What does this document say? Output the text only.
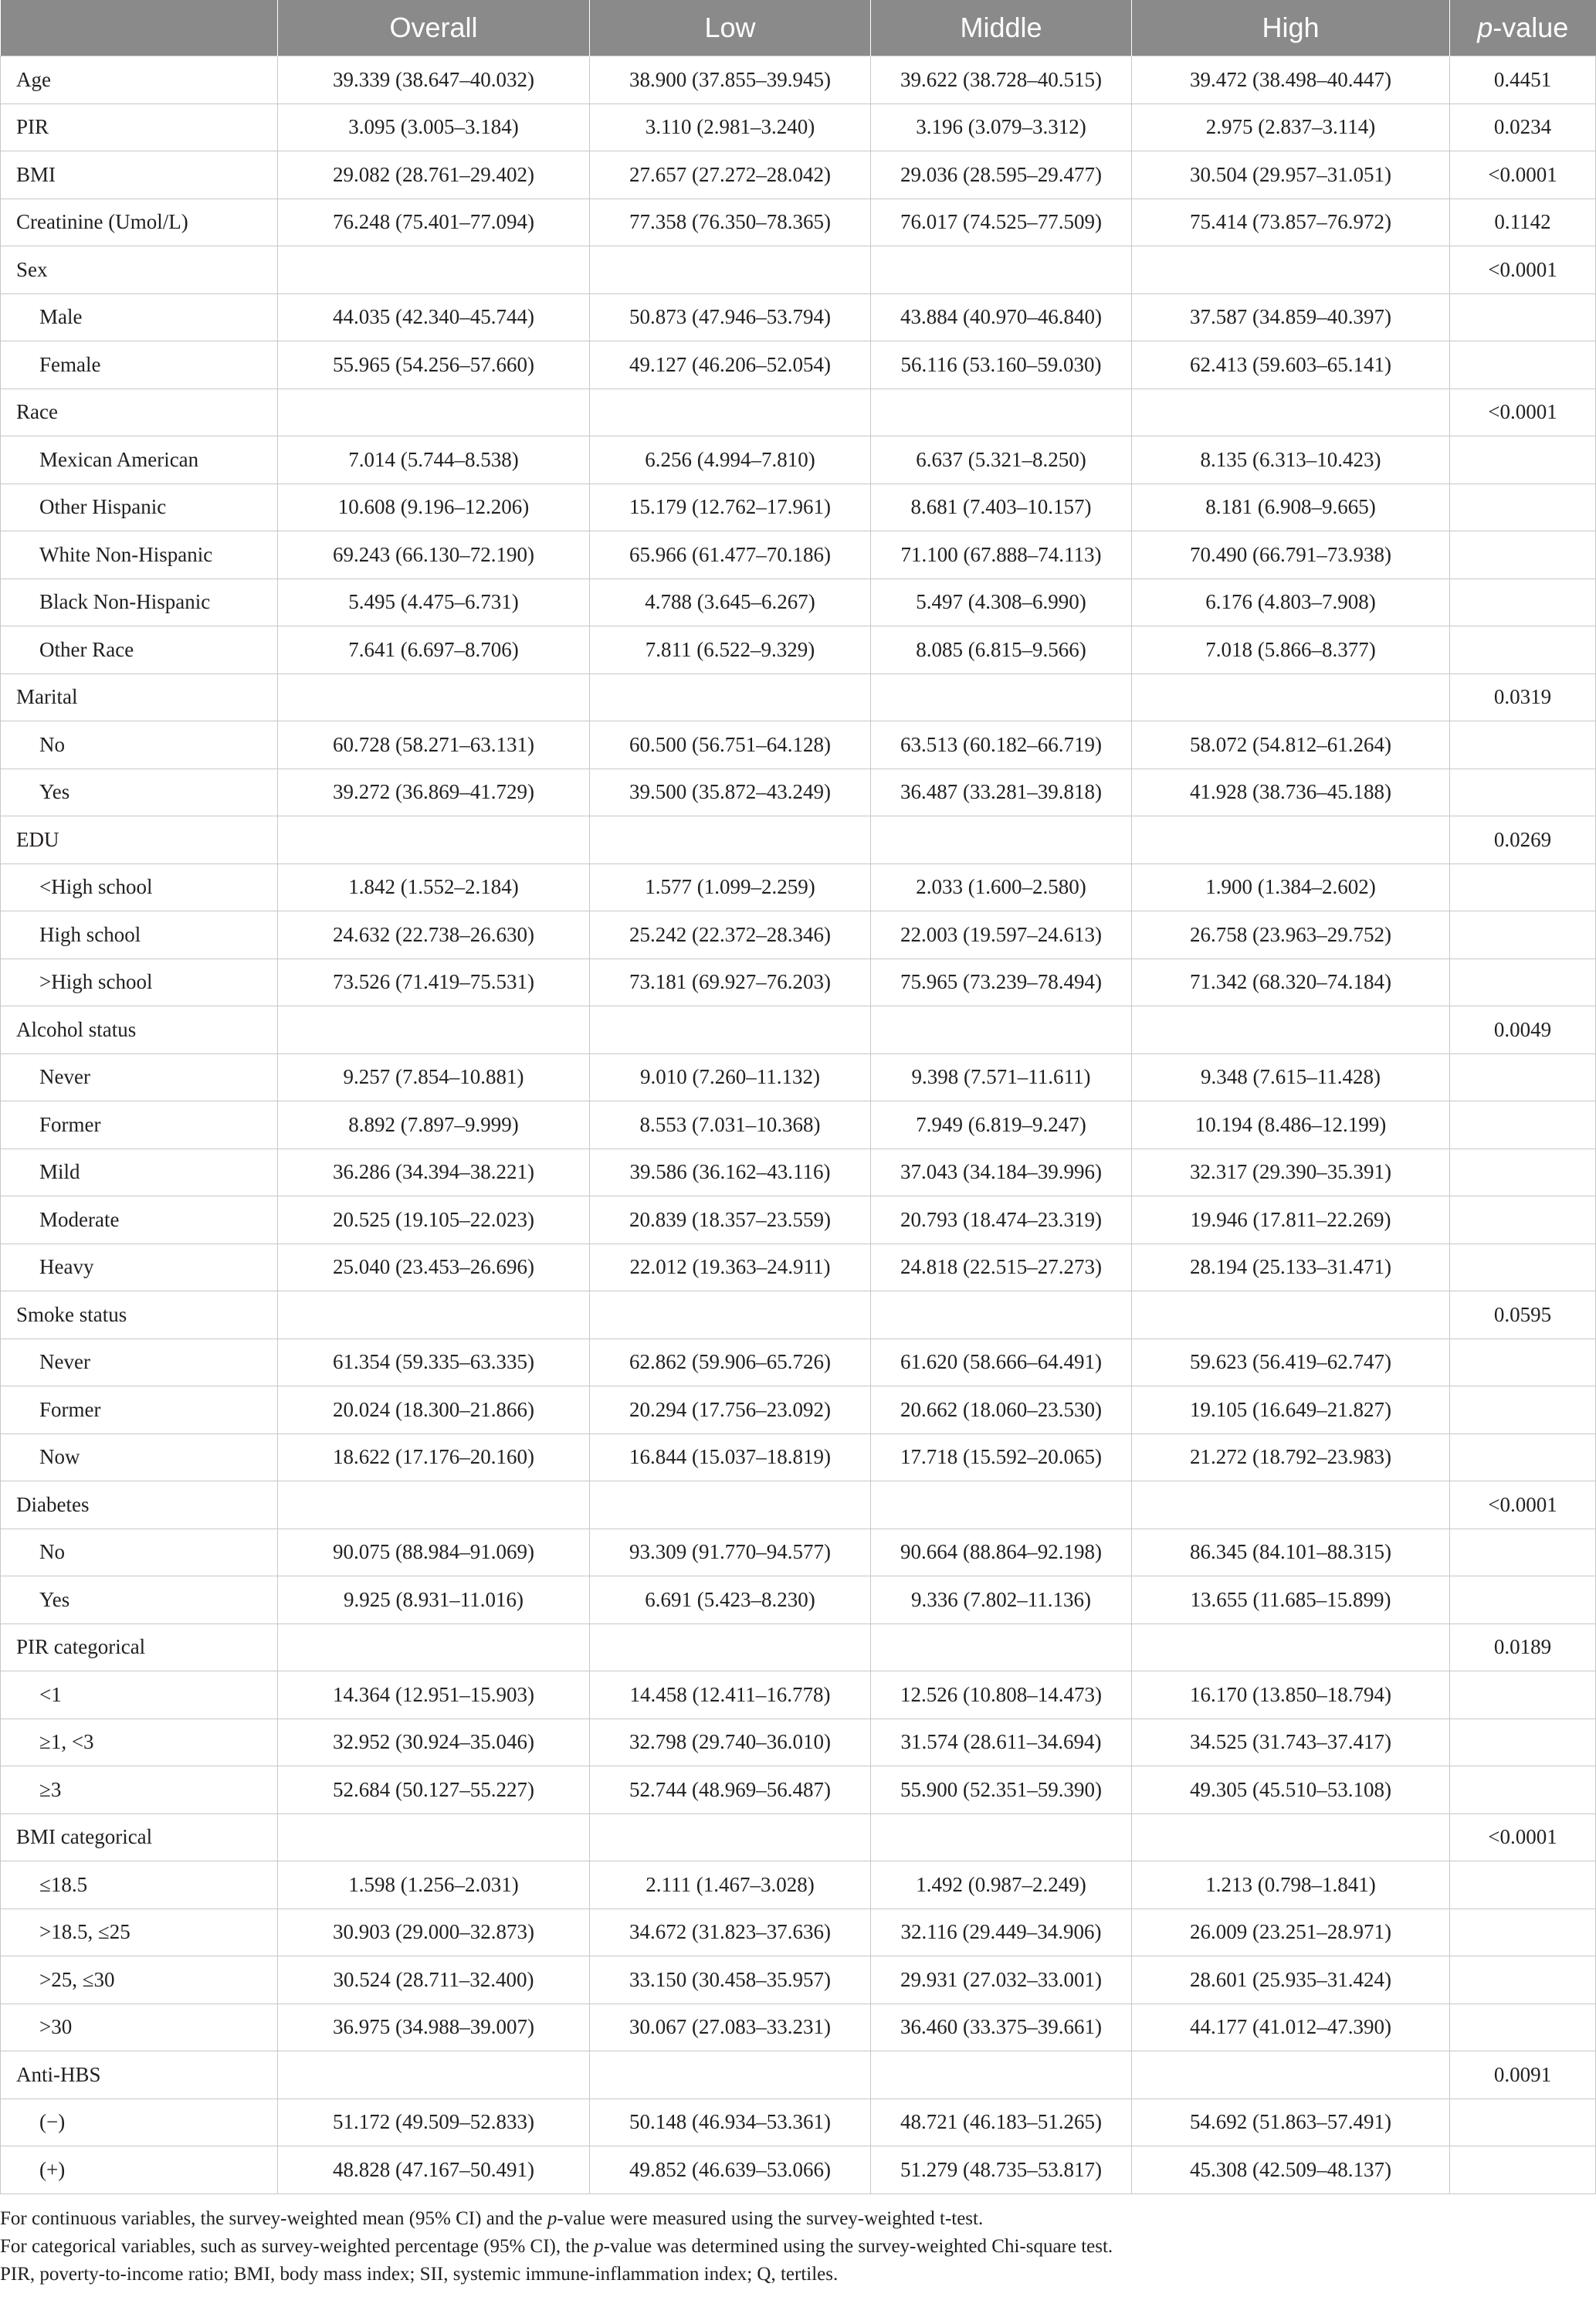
	Overall	Low	Middle	High	p-value
Age	39.339 (38.647–40.032)	38.900 (37.855–39.945)	39.622 (38.728–40.515)	39.472 (38.498–40.447)	0.4451
PIR	3.095 (3.005–3.184)	3.110 (2.981–3.240)	3.196 (3.079–3.312)	2.975 (2.837–3.114)	0.0234
BMI	29.082 (28.761–29.402)	27.657 (27.272–28.042)	29.036 (28.595–29.477)	30.504 (29.957–31.051)	<0.0001
Creatinine (Umol/L)	76.248 (75.401–77.094)	77.358 (76.350–78.365)	76.017 (74.525–77.509)	75.414 (73.857–76.972)	0.1142
Sex					<0.0001
Male	44.035 (42.340–45.744)	50.873 (47.946–53.794)	43.884 (40.970–46.840)	37.587 (34.859–40.397)	
Female	55.965 (54.256–57.660)	49.127 (46.206–52.054)	56.116 (53.160–59.030)	62.413 (59.603–65.141)	
Race					<0.0001
Mexican American	7.014 (5.744–8.538)	6.256 (4.994–7.810)	6.637 (5.321–8.250)	8.135 (6.313–10.423)	
Other Hispanic	10.608 (9.196–12.206)	15.179 (12.762–17.961)	8.681 (7.403–10.157)	8.181 (6.908–9.665)	
White Non-Hispanic	69.243 (66.130–72.190)	65.966 (61.477–70.186)	71.100 (67.888–74.113)	70.490 (66.791–73.938)	
Black Non-Hispanic	5.495 (4.475–6.731)	4.788 (3.645–6.267)	5.497 (4.308–6.990)	6.176 (4.803–7.908)	
Other Race	7.641 (6.697–8.706)	7.811 (6.522–9.329)	8.085 (6.815–9.566)	7.018 (5.866–8.377)	
Marital					0.0319
No	60.728 (58.271–63.131)	60.500 (56.751–64.128)	63.513 (60.182–66.719)	58.072 (54.812–61.264)	
Yes	39.272 (36.869–41.729)	39.500 (35.872–43.249)	36.487 (33.281–39.818)	41.928 (38.736–45.188)	
EDU					0.0269
<High school	1.842 (1.552–2.184)	1.577 (1.099–2.259)	2.033 (1.600–2.580)	1.900 (1.384–2.602)	
High school	24.632 (22.738–26.630)	25.242 (22.372–28.346)	22.003 (19.597–24.613)	26.758 (23.963–29.752)	
>High school	73.526 (71.419–75.531)	73.181 (69.927–76.203)	75.965 (73.239–78.494)	71.342 (68.320–74.184)	
Alcohol status					0.0049
Never	9.257 (7.854–10.881)	9.010 (7.260–11.132)	9.398 (7.571–11.611)	9.348 (7.615–11.428)	
Former	8.892 (7.897–9.999)	8.553 (7.031–10.368)	7.949 (6.819–9.247)	10.194 (8.486–12.199)	
Mild	36.286 (34.394–38.221)	39.586 (36.162–43.116)	37.043 (34.184–39.996)	32.317 (29.390–35.391)	
Moderate	20.525 (19.105–22.023)	20.839 (18.357–23.559)	20.793 (18.474–23.319)	19.946 (17.811–22.269)	
Heavy	25.040 (23.453–26.696)	22.012 (19.363–24.911)	24.818 (22.515–27.273)	28.194 (25.133–31.471)	
Smoke status					0.0595
Never	61.354 (59.335–63.335)	62.862 (59.906–65.726)	61.620 (58.666–64.491)	59.623 (56.419–62.747)	
Former	20.024 (18.300–21.866)	20.294 (17.756–23.092)	20.662 (18.060–23.530)	19.105 (16.649–21.827)	
Now	18.622 (17.176–20.160)	16.844 (15.037–18.819)	17.718 (15.592–20.065)	21.272 (18.792–23.983)	
Diabetes					<0.0001
No	90.075 (88.984–91.069)	93.309 (91.770–94.577)	90.664 (88.864–92.198)	86.345 (84.101–88.315)	
Yes	9.925 (8.931–11.016)	6.691 (5.423–8.230)	9.336 (7.802–11.136)	13.655 (11.685–15.899)	
PIR categorical					0.0189
<1	14.364 (12.951–15.903)	14.458 (12.411–16.778)	12.526 (10.808–14.473)	16.170 (13.850–18.794)	
≥1, <3	32.952 (30.924–35.046)	32.798 (29.740–36.010)	31.574 (28.611–34.694)	34.525 (31.743–37.417)	
≥3	52.684 (50.127–55.227)	52.744 (48.969–56.487)	55.900 (52.351–59.390)	49.305 (45.510–53.108)	
BMI categorical					<0.0001
≤18.5	1.598 (1.256–2.031)	2.111 (1.467–3.028)	1.492 (0.987–2.249)	1.213 (0.798–1.841)	
>18.5, ≤25	30.903 (29.000–32.873)	34.672 (31.823–37.636)	32.116 (29.449–34.906)	26.009 (23.251–28.971)	
>25, ≤30	30.524 (28.711–32.400)	33.150 (30.458–35.957)	29.931 (27.032–33.001)	28.601 (25.935–31.424)	
>30	36.975 (34.988–39.007)	30.067 (27.083–33.231)	36.460 (33.375–39.661)	44.177 (41.012–47.390)	
Anti-HBS					0.0091
(−)	51.172 (49.509–52.833)	50.148 (46.934–53.361)	48.721 (46.183–51.265)	54.692 (51.863–57.491)	
(+)	48.828 (47.167–50.491)	49.852 (46.639–53.066)	51.279 (48.735–53.817)	45.308 (42.509–48.137)	
For continuous variables, the survey-weighted mean (95% CI) and the p-value were measured using the survey-weighted t-test.
For categorical variables, such as survey-weighted percentage (95% CI), the p-value was determined using the survey-weighted Chi-square test.
PIR, poverty-to-income ratio; BMI, body mass index; SII, systemic immune-inflammation index; Q, tertiles.
